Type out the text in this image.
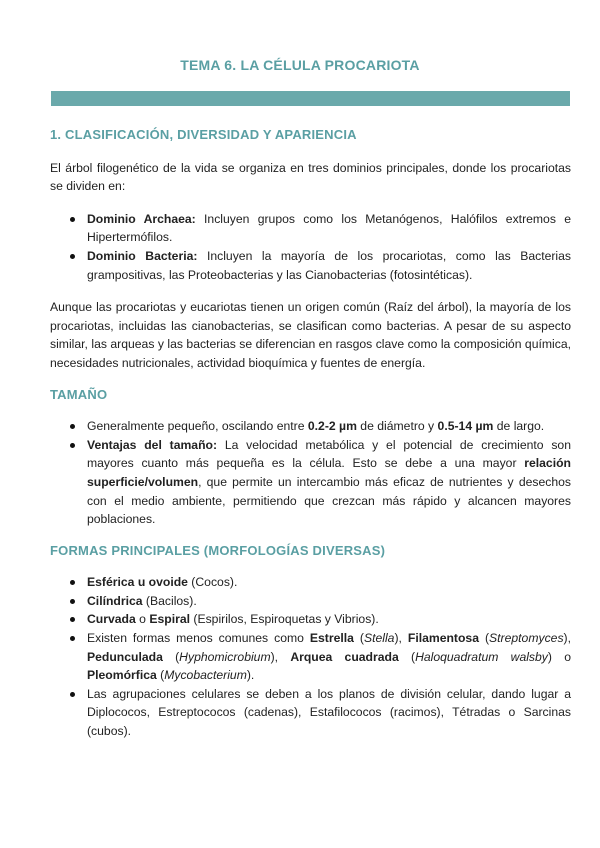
TEMA 6. LA CÉLULA PROCARIOTA
1. CLASIFICACIÓN, DIVERSIDAD Y APARIENCIA

El árbol filogenético de la vida se organiza en tres dominios principales, donde los procariotas se dividen en:

Dominio Archaea: Incluyen grupos como los Metanógenos, Halófilos extremos e Hipertermófilos.
Dominio Bacteria: Incluyen la mayoría de los procariotas, como las Bacterias grampositivas, las Proteobacterias y las Cianobacterias (fotosintéticas).

Aunque las procariotas y eucariotas tienen un origen común (Raíz del árbol), la mayoría de los procariotas, incluidas las cianobacterias, se clasifican como bacterias. A pesar de su aspecto similar, las arqueas y las bacterias se diferencian en rasgos clave como la composición química, necesidades nutricionales, actividad bioquímica y fuentes de energía.

TAMAÑO
Generalmente pequeño, oscilando entre 0.2-2 µm de diámetro y 0.5-14 µm de largo.
Ventajas del tamaño: La velocidad metabólica y el potencial de crecimiento son mayores cuanto más pequeña es la célula. Esto se debe a una mayor relación superficie/volumen, que permite un intercambio más eficaz de nutrientes y desechos con el medio ambiente, permitiendo que crezcan más rápido y alcancen mayores poblaciones.
FORMAS PRINCIPALES (MORFOLOGÍAS DIVERSAS)
Esférica u ovoide (Cocos).
Cilíndrica (Bacilos).
Curvada o Espiral (Espirilos, Espiroquetas y Vibrios).
Existen formas menos comunes como Estrella (Stella), Filamentosa (Streptomyces), Pedunculada (Hyphomicrobium), Arquea cuadrada (Haloquadratum walsby) o Pleomórfica (Mycobacterium).
Las agrupaciones celulares se deben a los planos de división celular, dando lugar a Diplococos, Estreptococos (cadenas), Estafilococos (racimos), Tétradas o Sarcinas (cubos).
